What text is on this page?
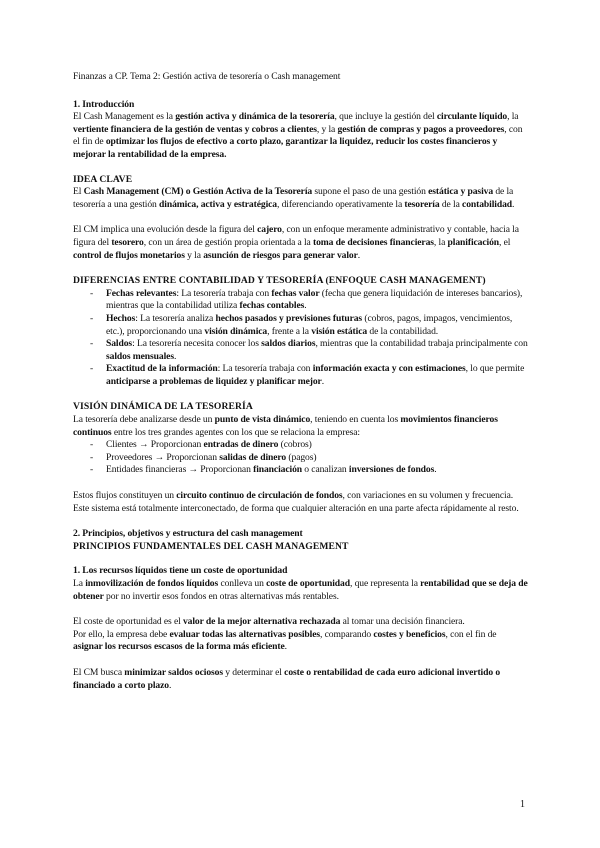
Finanzas a CP. Tema 2: Gestión activa de tesorería o Cash management

1. Introducción

El Cash Management es la gestión activa y dinámica de la tesorería, que incluye la gestión del circulante líquido, la vertiente financiera de la gestión de ventas y cobros a clientes, y la gestión de compras y pagos a proveedores, con el fin de optimizar los flujos de efectivo a corto plazo, garantizar la liquidez, reducir los costes financieros y mejorar la rentabilidad de la empresa.

IDEA CLAVE

El Cash Management (CM) o Gestión Activa de la Tesorería supone el paso de una gestión estática y pasiva de la tesorería a una gestión dinámica, activa y estratégica, diferenciando operativamente la tesorería de la contabilidad.

El CM implica una evolución desde la figura del cajero, con un enfoque meramente administrativo y contable, hacia la figura del tesorero, con un área de gestión propia orientada a la toma de decisiones financieras, la planificación, el control de flujos monetarios y la asunción de riesgos para generar valor.

DIFERENCIAS ENTRE CONTABILIDAD Y TESORERÍA (ENFOQUE CASH MANAGEMENT)

- Fechas relevantes: La tesorería trabaja con fechas valor (fecha que genera liquidación de intereses bancarios), mientras que la contabilidad utiliza fechas contables.
- Hechos: La tesorería analiza hechos pasados y previsiones futuras (cobros, pagos, impagos, vencimientos, etc.), proporcionando una visión dinámica, frente a la visión estática de la contabilidad.
- Saldos: La tesorería necesita conocer los saldos diarios, mientras que la contabilidad trabaja principalmente con saldos mensuales.
- Exactitud de la información: La tesorería trabaja con información exacta y con estimaciones, lo que permite anticiparse a problemas de liquidez y planificar mejor.

VISIÓN DINÁMICA DE LA TESORERÍA

La tesorería debe analizarse desde un punto de vista dinámico, teniendo en cuenta los movimientos financieros continuos entre los tres grandes agentes con los que se relaciona la empresa:

- Clientes → Proporcionan entradas de dinero (cobros)
- Proveedores → Proporcionan salidas de dinero (pagos)
- Entidades financieras → Proporcionan financiación o canalizan inversiones de fondos.

Estos flujos constituyen un circuito continuo de circulación de fondos, con variaciones en su volumen y frecuencia. Este sistema está totalmente interconectado, de forma que cualquier alteración en una parte afecta rápidamente al resto.

2. Principios, objetivos y estructura del cash management

PRINCIPIOS FUNDAMENTALES DEL CASH MANAGEMENT

1. Los recursos líquidos tiene un coste de oportunidad

La inmovilización de fondos líquidos conlleva un coste de oportunidad, que representa la rentabilidad que se deja de obtener por no invertir esos fondos en otras alternativas más rentables.

El coste de oportunidad es el valor de la mejor alternativa rechazada al tomar una decisión financiera.

Por ello, la empresa debe evaluar todas las alternativas posibles, comparando costes y beneficios, con el fin de asignar los recursos escasos de la forma más eficiente.

El CM busca minimizar saldos ociosos y determinar el coste o rentabilidad de cada euro adicional invertido o financiado a corto plazo.

1
